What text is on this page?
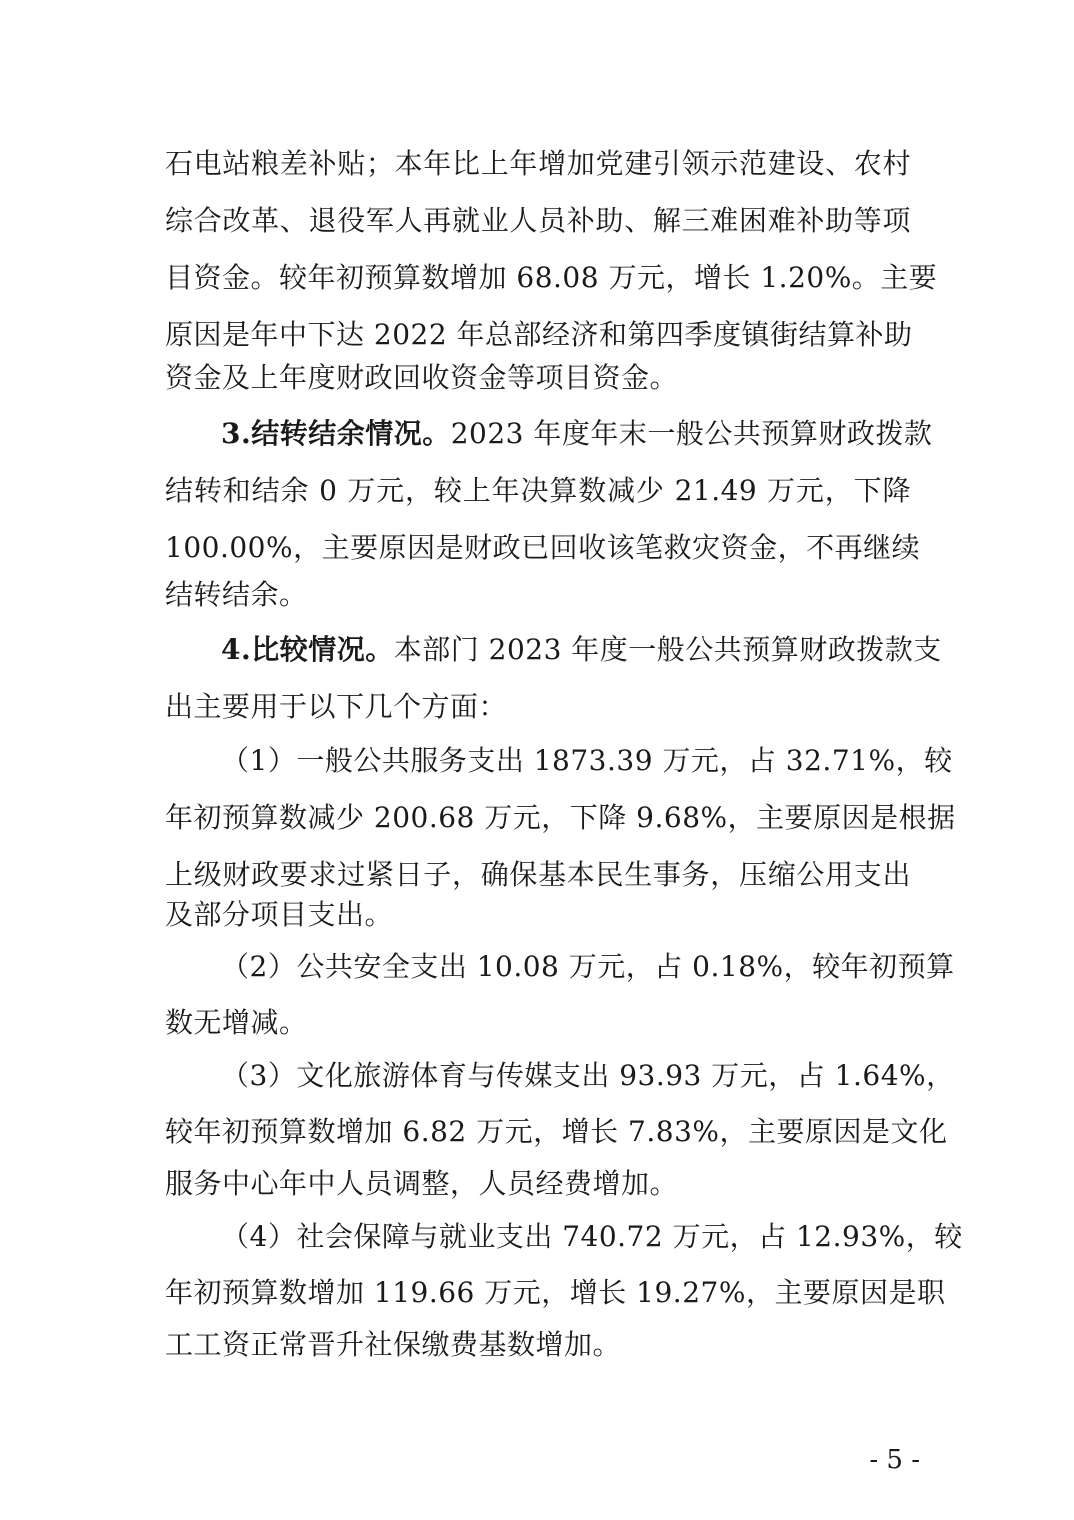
石电站粮差补贴；本年比上年增加党建引领示范建设、农村
综合改革、退役军人再就业人员补助、解三难困难补助等项
目资金。较年初预算数增加 68.08 万元，增长 1.20%。主要
原因是年中下达 2022 年总部经济和第四季度镇街结算补助
资金及上年度财政回收资金等项目资金。
3.结转结余情况。2023 年度年末一般公共预算财政拨款
结转和结余 0 万元，较上年决算数减少 21.49 万元，下降
100.00%，主要原因是财政已回收该笔救灾资金，不再继续
结转结余。
4.比较情况。本部门 2023 年度一般公共预算财政拨款支
出主要用于以下几个方面：
（1）一般公共服务支出 1873.39 万元，占 32.71%，较
年初预算数减少 200.68 万元，下降 9.68%，主要原因是根据
上级财政要求过紧日子，确保基本民生事务，压缩公用支出
及部分项目支出。
（2）公共安全支出 10.08 万元，占 0.18%，较年初预算
数无增减。
（3）文化旅游体育与传媒支出 93.93 万元，占 1.64%，
较年初预算数增加 6.82 万元，增长 7.83%，主要原因是文化
服务中心年中人员调整，人员经费增加。
（4）社会保障与就业支出 740.72 万元，占 12.93%，较
年初预算数增加 119.66 万元，增长 19.27%，主要原因是职
工工资正常晋升社保缴费基数增加。
- 5 -
